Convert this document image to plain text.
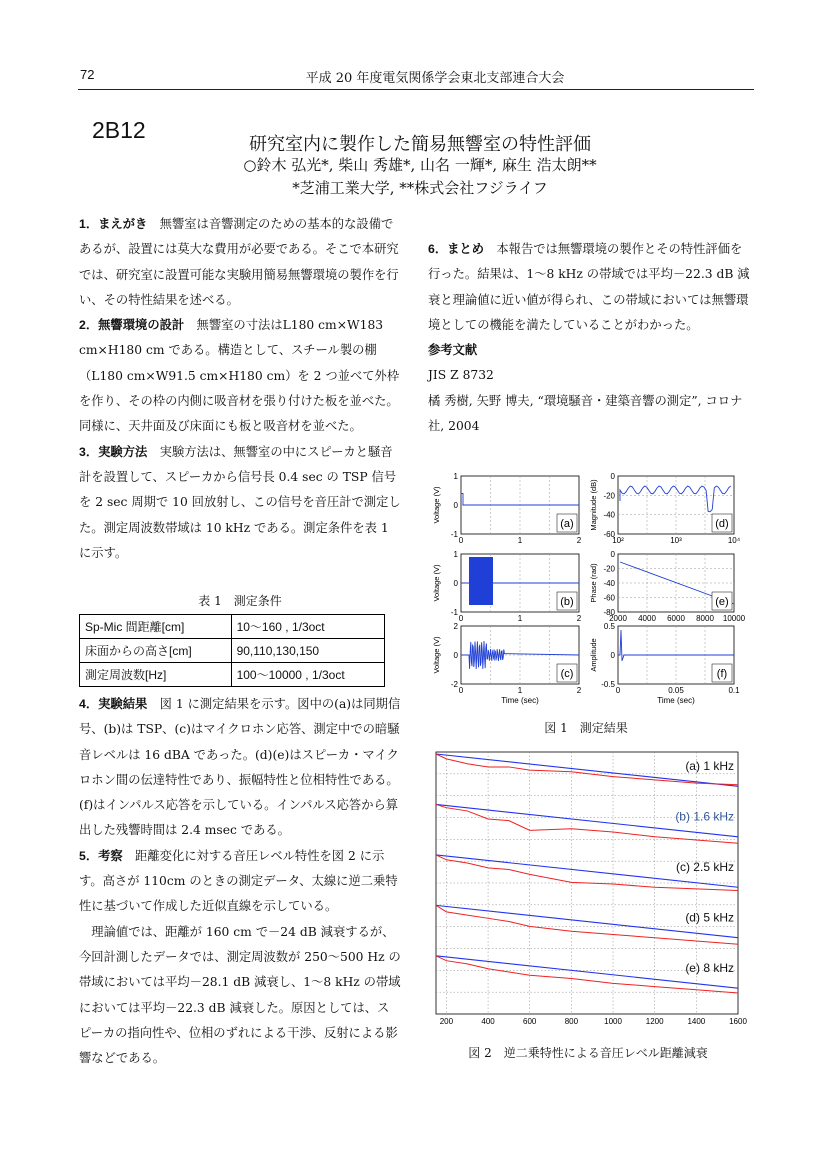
72	平成 20 年度電気関係学会東北支部連合大会
2B12
研究室内に製作した簡易無響室の特性評価
○鈴木 弘光*, 柴山 秀雄*, 山名 一輝*, 麻生 浩太朗**
*芝浦工業大学, **株式会社フジライフ

1．まえがき　 無響室は音響測定のための基本的な設備であるが、設置には莫大な費用が必要である。そこで本研究では、研究室に設置可能な実験用簡易無響環境の製作を行い、その特性結果を述べる。

2．無響環境の設計　 無響室の寸法はL180 cm×W183 cm×H180 cm である。構造として、スチール製の棚（L180 cm×W91.5 cm×H180 cm）を 2 つ並べて外枠を作り、その枠の内側に吸音材を張り付けた板を並べた。同様に、天井面及び床面にも板と吸音材を並べた。

3．実験方法　 実験方法は、無響室の中にスピーカと騒音計を設置して、スピーカから信号長 0.4 sec の TSP 信号を 2 sec 周期で 10 回放射し、この信号を音圧計で測定した。測定周波数帯域は 10 kHz である。測定条件を表 1 に示す。

表 1　測定条件
Sp-Mic 間距離[cm]	10～160 , 1/3oct
床面からの高さ[cm]	90,110,130,150
測定周波数[Hz]	100～10000 , 1/3oct

4．実験結果　 図 1 に測定結果を示す。図中の(a)は同期信号、(b)は TSP、(c)はマイクロホン応答、測定中での暗騒音レベルは 16 dBA であった。(d)(e)はスピーカ・マイクロホン間の伝達特性であり、振幅特性と位相特性である。(f)はインパルス応答を示している。インパルス応答から算出した残響時間は 2.4 msec である。

5．考察　 距離変化に対する音圧レベル特性を図 2 に示す。高さが 110cm のときの測定データ、太線に逆二乗特性に基づいて作成した近似直線を示している。

理論値では、距離が 160 cm で－24 dB 減衰するが、今回計測したデータでは、測定周波数が 250～500 Hz の帯域においては平均－28.1 dB 減衰し、1～8 kHz の帯域においては平均－22.3 dB 減衰した。原因としては、スピーカの指向性や、位相のずれによる干渉、反射による影響などである。

6．まとめ　 本報告では無響環境の製作とその特性評価を行った。結果は、1～8 kHz の帯域では平均－22.3 dB 減衰と理論値に近い値が得られ、この帯域においては無響環境としての機能を満たしていることがわかった。

参考文献

JIS Z 8732

橘 秀樹, 矢野 博夫, “環境騒音・建築音響の測定”, コロナ社, 2004

1
0
-1
0	1	2
Voltage (V)
(a)
1
0
-1
0	1	2
Voltage (V)
(b)
2
0
-2
0	1	2
Voltage (V)
Time (sec)
(c)
0
-20
-40
-60
10²	10³	10⁴
Magnitude (dB)	(d)
0
-20
-40
-60
-80
2000 4000 6000 8000 10000
Phase (rad)	(e)
0.5
0
-0.5
0	0.05	0.1
Amplitude
Time (sec)
(f)
図 1　測定結果
200	400	600	800	1000	1200	1400	1600
(a) 1 kHz
(b) 1.6 kHz
(c) 2.5 kHz
(d) 5 kHz
(e) 8 kHz
図 2　逆二乗特性による音圧レベル距離減衰
